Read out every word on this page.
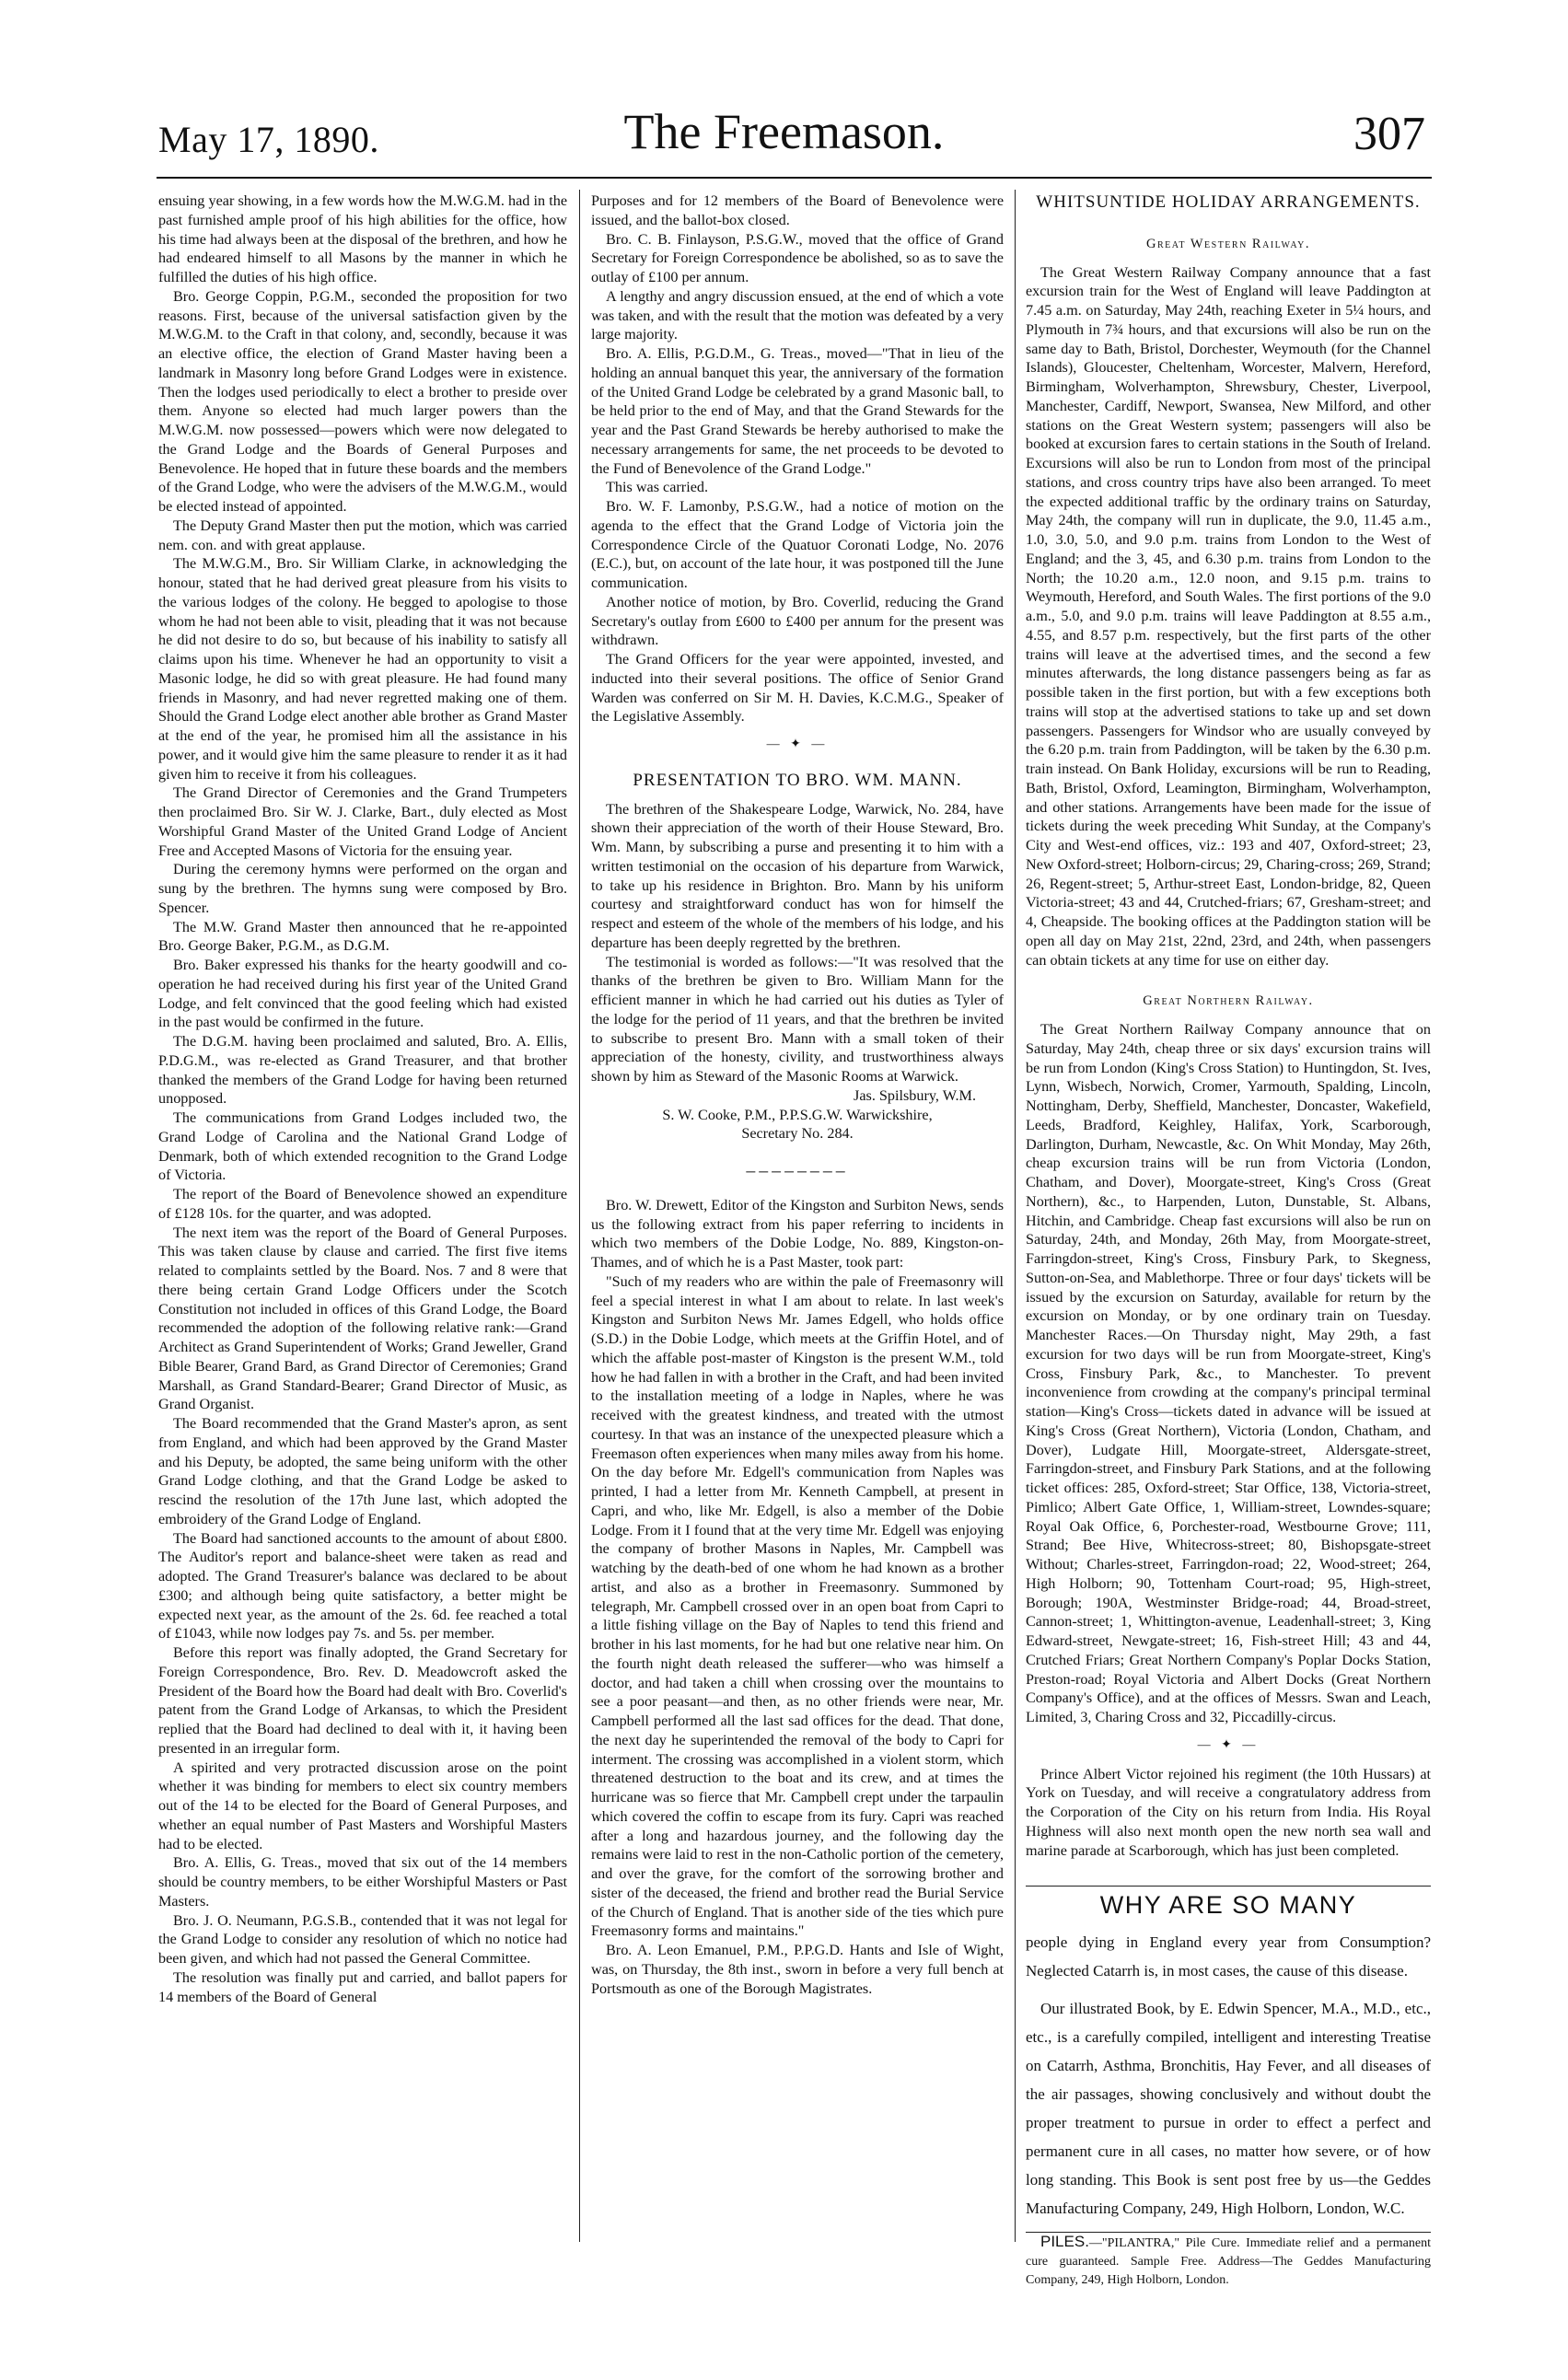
May 17, 1890.	The Freemason.	307

ensuing year showing, in a few words how the M.W.G.M. had in the past furnished ample proof of his high abilities for the office, how his time had always been at the disposal of the brethren, and how he had endeared himself to all Masons by the manner in which he fulfilled the duties of his high office.

Bro. George Coppin, P.G.M., seconded the proposition for two reasons. First, because of the universal satisfaction given by the M.W.G.M. to the Craft in that colony, and, secondly, because it was an elective office, the election of Grand Master having been a landmark in Masonry long before Grand Lodges were in existence. Then the lodges used periodically to elect a brother to preside over them. Anyone so elected had much larger powers than the M.W.G.M. now possessed—powers which were now delegated to the Grand Lodge and the Boards of General Purposes and Benevolence. He hoped that in future these boards and the members of the Grand Lodge, who were the advisers of the M.W.G.M., would be elected instead of appointed.

The Deputy Grand Master then put the motion, which was carried nem. con. and with great applause.

The M.W.G.M., Bro. Sir William Clarke, in acknowledging the honour, stated that he had derived great pleasure from his visits to the various lodges of the colony. He begged to apologise to those whom he had not been able to visit, pleading that it was not because he did not desire to do so, but because of his inability to satisfy all claims upon his time. Whenever he had an opportunity to visit a Masonic lodge, he did so with great pleasure. He had found many friends in Masonry, and had never regretted making one of them. Should the Grand Lodge elect another able brother as Grand Master at the end of the year, he promised him all the assistance in his power, and it would give him the same pleasure to render it as it had given him to receive it from his colleagues.

The Grand Director of Ceremonies and the Grand Trumpeters then proclaimed Bro. Sir W. J. Clarke, Bart., duly elected as Most Worshipful Grand Master of the United Grand Lodge of Ancient Free and Accepted Masons of Victoria for the ensuing year.

During the ceremony hymns were performed on the organ and sung by the brethren. The hymns sung were composed by Bro. Spencer.

The M.W. Grand Master then announced that he re-appointed Bro. George Baker, P.G.M., as D.G.M.

Bro. Baker expressed his thanks for the hearty goodwill and co-operation he had received during his first year of the United Grand Lodge, and felt convinced that the good feeling which had existed in the past would be confirmed in the future.

The D.G.M. having been proclaimed and saluted, Bro. A. Ellis, P.D.G.M., was re-elected as Grand Treasurer, and that brother thanked the members of the Grand Lodge for having been returned unopposed.

The communications from Grand Lodges included two, the Grand Lodge of Carolina and the National Grand Lodge of Denmark, both of which extended recognition to the Grand Lodge of Victoria.

The report of the Board of Benevolence showed an expenditure of £128 10s. for the quarter, and was adopted.

The next item was the report of the Board of General Purposes. This was taken clause by clause and carried. The first five items related to complaints settled by the Board. Nos. 7 and 8 were that there being certain Grand Lodge Officers under the Scotch Constitution not included in offices of this Grand Lodge, the Board recommended the adoption of the following relative rank:—Grand Architect as Grand Superintendent of Works; Grand Jeweller, Grand Bible Bearer, Grand Bard, as Grand Director of Ceremonies; Grand Marshall, as Grand Standard-Bearer; Grand Director of Music, as Grand Organist.

The Board recommended that the Grand Master's apron, as sent from England, and which had been approved by the Grand Master and his Deputy, be adopted, the same being uniform with the other Grand Lodge clothing, and that the Grand Lodge be asked to rescind the resolution of the 17th June last, which adopted the embroidery of the Grand Lodge of England.

The Board had sanctioned accounts to the amount of about £800. The Auditor's report and balance-sheet were taken as read and adopted. The Grand Treasurer's balance was declared to be about £300; and although being quite satisfactory, a better might be expected next year, as the amount of the 2s. 6d. fee reached a total of £1043, while now lodges pay 7s. and 5s. per member.

Before this report was finally adopted, the Grand Secretary for Foreign Correspondence, Bro. Rev. D. Meadowcroft asked the President of the Board how the Board had dealt with Bro. Coverlid's patent from the Grand Lodge of Arkansas, to which the President replied that the Board had declined to deal with it, it having been presented in an irregular form.

A spirited and very protracted discussion arose on the point whether it was binding for members to elect six country members out of the 14 to be elected for the Board of General Purposes, and whether an equal number of Past Masters and Worshipful Masters had to be elected.

Bro. A. Ellis, G. Treas., moved that six out of the 14 members should be country members, to be either Worshipful Masters or Past Masters.

Bro. J. O. Neumann, P.G.S.B., contended that it was not legal for the Grand Lodge to consider any resolution of which no notice had been given, and which had not passed the General Committee.

The resolution was finally put and carried, and ballot papers for 14 members of the Board of General

Purposes and for 12 members of the Board of Benevolence were issued, and the ballot-box closed.

Bro. C. B. Finlayson, P.S.G.W., moved that the office of Grand Secretary for Foreign Correspondence be abolished, so as to save the outlay of £100 per annum.

A lengthy and angry discussion ensued, at the end of which a vote was taken, and with the result that the motion was defeated by a very large majority.

Bro. A. Ellis, P.G.D.M., G. Treas., moved—"That in lieu of the holding an annual banquet this year, the anniversary of the formation of the United Grand Lodge be celebrated by a grand Masonic ball, to be held prior to the end of May, and that the Grand Stewards for the year and the Past Grand Stewards be hereby authorised to make the necessary arrangements for same, the net proceeds to be devoted to the Fund of Benevolence of the Grand Lodge."

This was carried.

Bro. W. F. Lamonby, P.S.G.W., had a notice of motion on the agenda to the effect that the Grand Lodge of Victoria join the Correspondence Circle of the Quatuor Coronati Lodge, No. 2076 (E.C.), but, on account of the late hour, it was postponed till the June communication.

Another notice of motion, by Bro. Coverlid, reducing the Grand Secretary's outlay from £600 to £400 per annum for the present was withdrawn.

The Grand Officers for the year were appointed, invested, and inducted into their several positions. The office of Senior Grand Warden was conferred on Sir M. H. Davies, K.C.M.G., Speaker of the Legislative Assembly.

— ✦ —
PRESENTATION TO BRO. WM. MANN.

The brethren of the Shakespeare Lodge, Warwick, No. 284, have shown their appreciation of the worth of their House Steward, Bro. Wm. Mann, by subscribing a purse and presenting it to him with a written testimonial on the occasion of his departure from Warwick, to take up his residence in Brighton. Bro. Mann by his uniform courtesy and straightforward conduct has won for himself the respect and esteem of the whole of the members of his lodge, and his departure has been deeply regretted by the brethren.

The testimonial is worded as follows:—"It was resolved that the thanks of the brethren be given to Bro. William Mann for the efficient manner in which he had carried out his duties as Tyler of the lodge for the period of 11 years, and that the brethren be invited to subscribe to present Bro. Mann with a small token of their appreciation of the honesty, civility, and trustworthiness always shown by him as Steward of the Masonic Rooms at Warwick.

Jas. Spilsbury, W.M.
S. W. Cooke, P.M., P.P.S.G.W. Warwickshire,
Secretary No. 284.
────────

Bro. W. Drewett, Editor of the Kingston and Surbiton News, sends us the following extract from his paper referring to incidents in which two members of the Dobie Lodge, No. 889, Kingston-on-Thames, and of which he is a Past Master, took part:

"Such of my readers who are within the pale of Freemasonry will feel a special interest in what I am about to relate. In last week's Kingston and Surbiton News Mr. James Edgell, who holds office (S.D.) in the Dobie Lodge, which meets at the Griffin Hotel, and of which the affable post-master of Kingston is the present W.M., told how he had fallen in with a brother in the Craft, and had been invited to the installation meeting of a lodge in Naples, where he was received with the greatest kindness, and treated with the utmost courtesy. In that was an instance of the unexpected pleasure which a Freemason often experiences when many miles away from his home. On the day before Mr. Edgell's communication from Naples was printed, I had a letter from Mr. Kenneth Campbell, at present in Capri, and who, like Mr. Edgell, is also a member of the Dobie Lodge. From it I found that at the very time Mr. Edgell was enjoying the company of brother Masons in Naples, Mr. Campbell was watching by the death-bed of one whom he had known as a brother artist, and also as a brother in Freemasonry. Summoned by telegraph, Mr. Campbell crossed over in an open boat from Capri to a little fishing village on the Bay of Naples to tend this friend and brother in his last moments, for he had but one relative near him. On the fourth night death released the sufferer—who was himself a doctor, and had taken a chill when crossing over the mountains to see a poor peasant—and then, as no other friends were near, Mr. Campbell performed all the last sad offices for the dead. That done, the next day he superintended the removal of the body to Capri for interment. The crossing was accomplished in a violent storm, which threatened destruction to the boat and its crew, and at times the hurricane was so fierce that Mr. Campbell crept under the tarpaulin which covered the coffin to escape from its fury. Capri was reached after a long and hazardous journey, and the following day the remains were laid to rest in the non-Catholic portion of the cemetery, and over the grave, for the comfort of the sorrowing brother and sister of the deceased, the friend and brother read the Burial Service of the Church of England. That is another side of the ties which pure Freemasonry forms and maintains."

Bro. A. Leon Emanuel, P.M., P.P.G.D. Hants and Isle of Wight, was, on Thursday, the 8th inst., sworn in before a very full bench at Portsmouth as one of the Borough Magistrates.

WHITSUNTIDE HOLIDAY ARRANGEMENTS.
Great Western Railway.

The Great Western Railway Company announce that a fast excursion train for the West of England will leave Paddington at 7.45 a.m. on Saturday, May 24th, reaching Exeter in 5¼ hours, and Plymouth in 7¾ hours, and that excursions will also be run on the same day to Bath, Bristol, Dorchester, Weymouth (for the Channel Islands), Gloucester, Cheltenham, Worcester, Malvern, Hereford, Birmingham, Wolverhampton, Shrewsbury, Chester, Liverpool, Manchester, Cardiff, Newport, Swansea, New Milford, and other stations on the Great Western system; passengers will also be booked at excursion fares to certain stations in the South of Ireland. Excursions will also be run to London from most of the principal stations, and cross country trips have also been arranged. To meet the expected additional traffic by the ordinary trains on Saturday, May 24th, the company will run in duplicate, the 9.0, 11.45 a.m., 1.0, 3.0, 5.0, and 9.0 p.m. trains from London to the West of England; and the 3, 45, and 6.30 p.m. trains from London to the North; the 10.20 a.m., 12.0 noon, and 9.15 p.m. trains to Weymouth, Hereford, and South Wales. The first portions of the 9.0 a.m., 5.0, and 9.0 p.m. trains will leave Paddington at 8.55 a.m., 4.55, and 8.57 p.m. respectively, but the first parts of the other trains will leave at the advertised times, and the second a few minutes afterwards, the long distance passengers being as far as possible taken in the first portion, but with a few exceptions both trains will stop at the advertised stations to take up and set down passengers. Passengers for Windsor who are usually conveyed by the 6.20 p.m. train from Paddington, will be taken by the 6.30 p.m. train instead. On Bank Holiday, excursions will be run to Reading, Bath, Bristol, Oxford, Leamington, Birmingham, Wolverhampton, and other stations. Arrangements have been made for the issue of tickets during the week preceding Whit Sunday, at the Company's City and West-end offices, viz.: 193 and 407, Oxford-street; 23, New Oxford-street; Holborn-circus; 29, Charing-cross; 269, Strand; 26, Regent-street; 5, Arthur-street East, London-bridge, 82, Queen Victoria-street; 43 and 44, Crutched-friars; 67, Gresham-street; and 4, Cheapside. The booking offices at the Paddington station will be open all day on May 21st, 22nd, 23rd, and 24th, when passengers can obtain tickets at any time for use on either day.

Great Northern Railway.

The Great Northern Railway Company announce that on Saturday, May 24th, cheap three or six days' excursion trains will be run from London (King's Cross Station) to Huntingdon, St. Ives, Lynn, Wisbech, Norwich, Cromer, Yarmouth, Spalding, Lincoln, Nottingham, Derby, Sheffield, Manchester, Doncaster, Wakefield, Leeds, Bradford, Keighley, Halifax, York, Scarborough, Darlington, Durham, Newcastle, &c. On Whit Monday, May 26th, cheap excursion trains will be run from Victoria (London, Chatham, and Dover), Moorgate-street, King's Cross (Great Northern), &c., to Harpenden, Luton, Dunstable, St. Albans, Hitchin, and Cambridge. Cheap fast excursions will also be run on Saturday, 24th, and Monday, 26th May, from Moorgate-street, Farringdon-street, King's Cross, Finsbury Park, to Skegness, Sutton-on-Sea, and Mablethorpe. Three or four days' tickets will be issued by the excursion on Saturday, available for return by the excursion on Monday, or by one ordinary train on Tuesday. Manchester Races.—On Thursday night, May 29th, a fast excursion for two days will be run from Moorgate-street, King's Cross, Finsbury Park, &c., to Manchester. To prevent inconvenience from crowding at the company's principal terminal station—King's Cross—tickets dated in advance will be issued at King's Cross (Great Northern), Victoria (London, Chatham, and Dover), Ludgate Hill, Moorgate-street, Aldersgate-street, Farringdon-street, and Finsbury Park Stations, and at the following ticket offices: 285, Oxford-street; Star Office, 138, Victoria-street, Pimlico; Albert Gate Office, 1, William-street, Lowndes-square; Royal Oak Office, 6, Porchester-road, Westbourne Grove; 111, Strand; Bee Hive, Whitecross-street; 80, Bishopsgate-street Without; Charles-street, Farringdon-road; 22, Wood-street; 264, High Holborn; 90, Tottenham Court-road; 95, High-street, Borough; 190A, Westminster Bridge-road; 44, Broad-street, Cannon-street; 1, Whittington-avenue, Leadenhall-street; 3, King Edward-street, Newgate-street; 16, Fish-street Hill; 43 and 44, Crutched Friars; Great Northern Company's Poplar Docks Station, Preston-road; Royal Victoria and Albert Docks (Great Northern Company's Office), and at the offices of Messrs. Swan and Leach, Limited, 3, Charing Cross and 32, Piccadilly-circus.

— ✦ —

Prince Albert Victor rejoined his regiment (the 10th Hussars) at York on Tuesday, and will receive a congratulatory address from the Corporation of the City on his return from India. His Royal Highness will also next month open the new north sea wall and marine parade at Scarborough, which has just been completed.

WHY ARE SO MANY

people dying in England every year from Consumption? Neglected Catarrh is, in most cases, the cause of this disease.

Our illustrated Book, by E. Edwin Spencer, M.A., M.D., etc., etc., is a carefully compiled, intelligent and interesting Treatise on Catarrh, Asthma, Bronchitis, Hay Fever, and all diseases of the air passages, showing conclusively and without doubt the proper treatment to pursue in order to effect a perfect and permanent cure in all cases, no matter how severe, or of how long standing. This Book is sent post free by us—the Geddes Manufacturing Company, 249, High Holborn, London, W.C.

PILES.—"PILANTRA," Pile Cure. Immediate relief and a permanent cure guaranteed. Sample Free. Address—The Geddes Manufacturing Company, 249, High Holborn, London.
